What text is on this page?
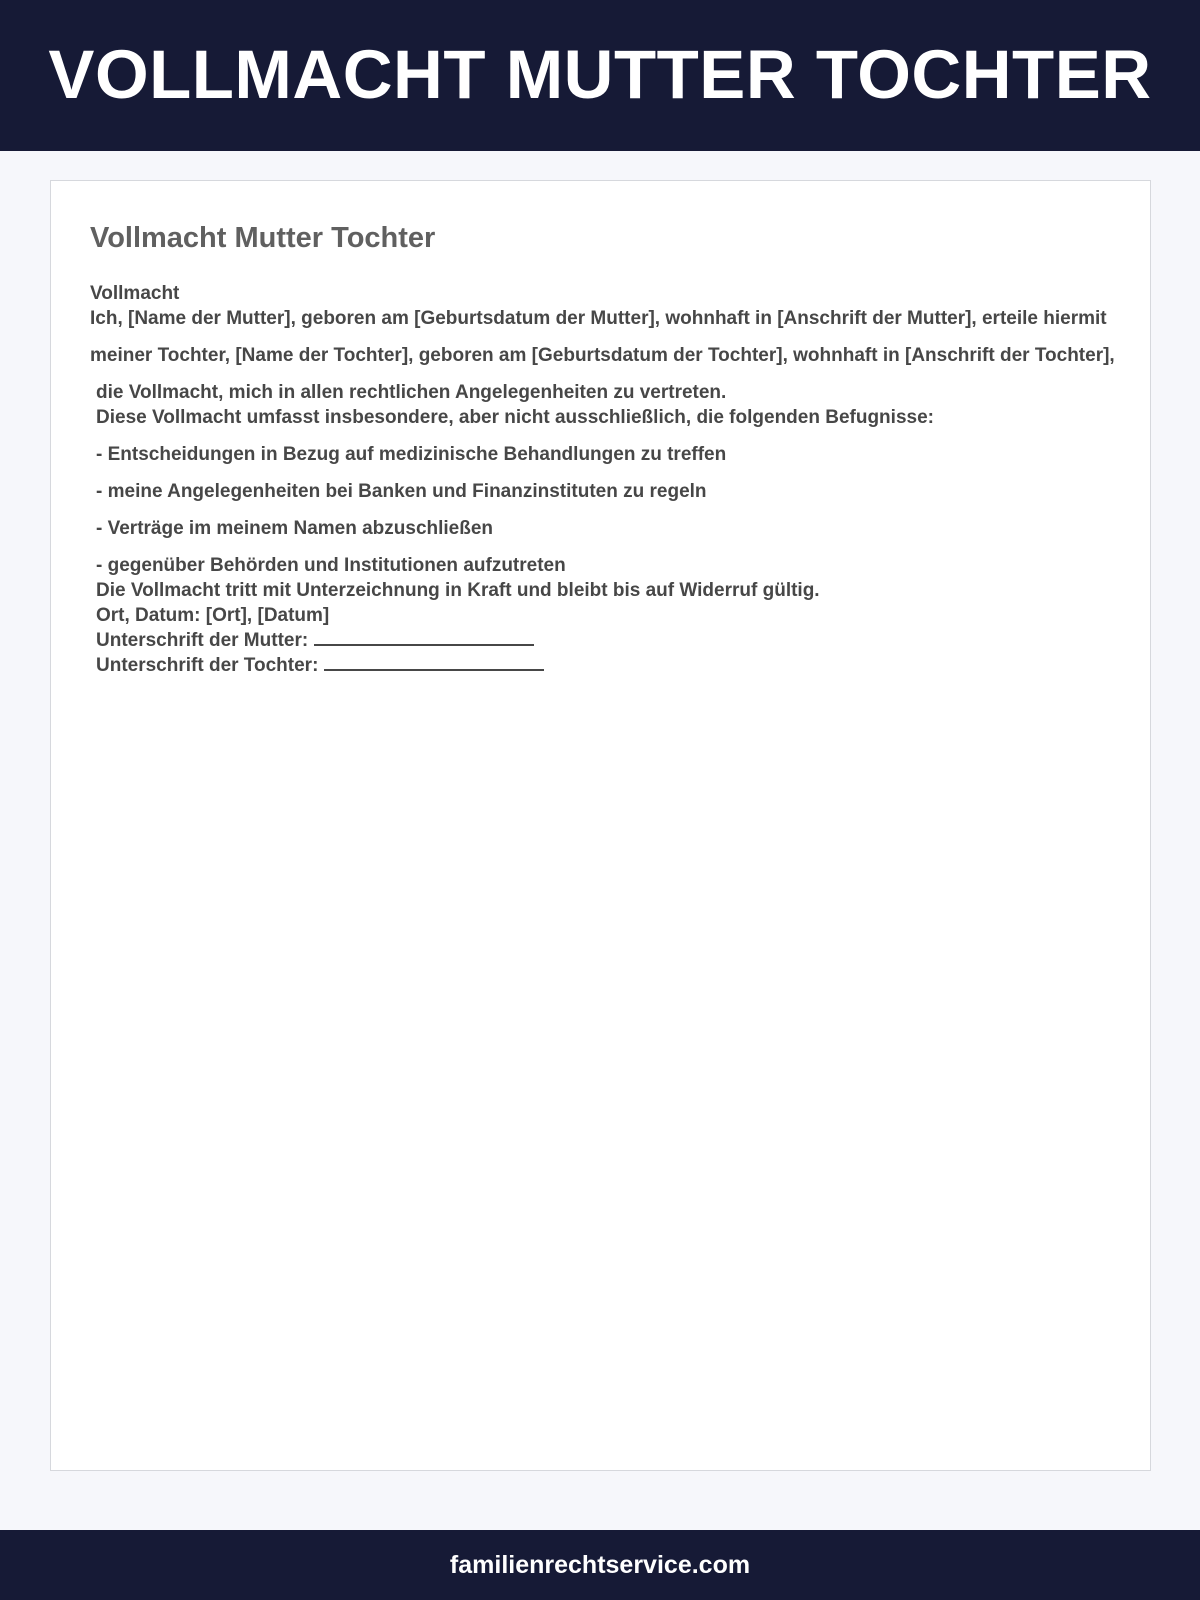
VOLLMACHT MUTTER TOCHTER
Vollmacht Mutter Tochter

Vollmacht

Ich, [Name der Mutter], geboren am [Geburtsdatum der Mutter], wohnhaft in [Anschrift der Mutter], erteile hiermit

meiner Tochter, [Name der Tochter], geboren am [Geburtsdatum der Tochter], wohnhaft in [Anschrift der Tochter],

die Vollmacht, mich in allen rechtlichen Angelegenheiten zu vertreten.

Diese Vollmacht umfasst insbesondere, aber nicht ausschließlich, die folgenden Befugnisse:

- Entscheidungen in Bezug auf medizinische Behandlungen zu treffen

- meine Angelegenheiten bei Banken und Finanzinstituten zu regeln

- Verträge im meinem Namen abzuschließen

- gegenüber Behörden und Institutionen aufzutreten

Die Vollmacht tritt mit Unterzeichnung in Kraft und bleibt bis auf Widerruf gültig.

Ort, Datum: [Ort], [Datum]

Unterschrift der Mutter:

Unterschrift der Tochter:

familienrechtservice.com
